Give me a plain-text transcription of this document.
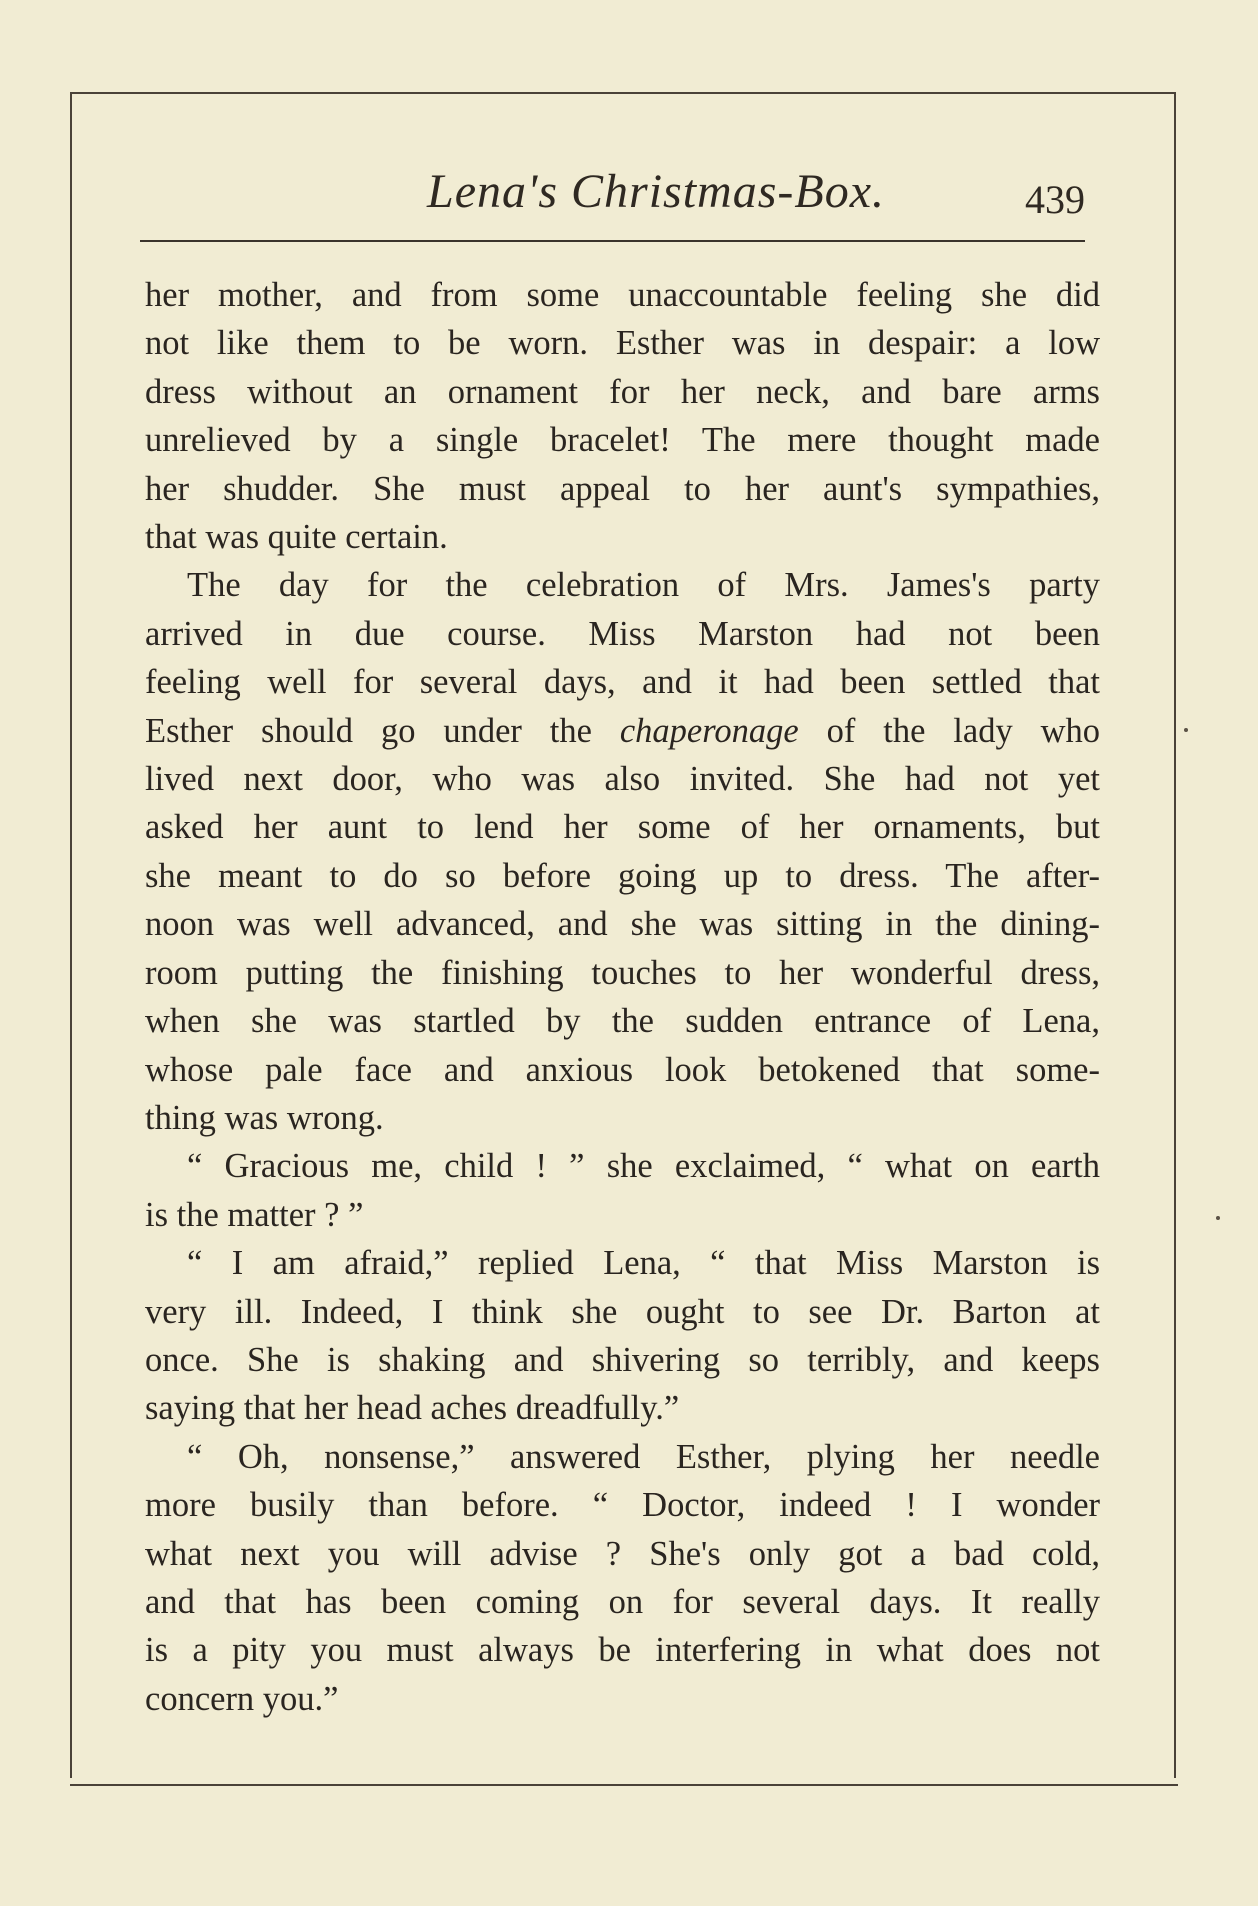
Lena's Christmas-Box.	439
her mother, and from some unaccountable feeling she did
not like them to be worn. Esther was in despair: a low
dress without an ornament for her neck, and bare arms
unrelieved by a single bracelet! The mere thought made
her shudder. She must appeal to her aunt's sympathies,
that was quite certain.
The day for the celebration of Mrs. James's party
arrived in due course. Miss Marston had not been
feeling well for several days, and it had been settled that
Esther should go under the chaperonage of the lady who
lived next door, who was also invited. She had not yet
asked her aunt to lend her some of her ornaments, but
she meant to do so before going up to dress. The after-
noon was well advanced, and she was sitting in the dining-
room putting the finishing touches to her wonderful dress,
when she was startled by the sudden entrance of Lena,
whose pale face and anxious look betokened that some-
thing was wrong.
“ Gracious me, child ! ” she exclaimed, “ what on earth
is the matter ? ”
“ I am afraid,” replied Lena, “ that Miss Marston is
very ill. Indeed, I think she ought to see Dr. Barton at
once. She is shaking and shivering so terribly, and keeps
saying that her head aches dreadfully.”
“ Oh, nonsense,” answered Esther, plying her needle
more busily than before. “ Doctor, indeed ! I wonder
what next you will advise ? She's only got a bad cold,
and that has been coming on for several days. It really
is a pity you must always be interfering in what does not
concern you.”
